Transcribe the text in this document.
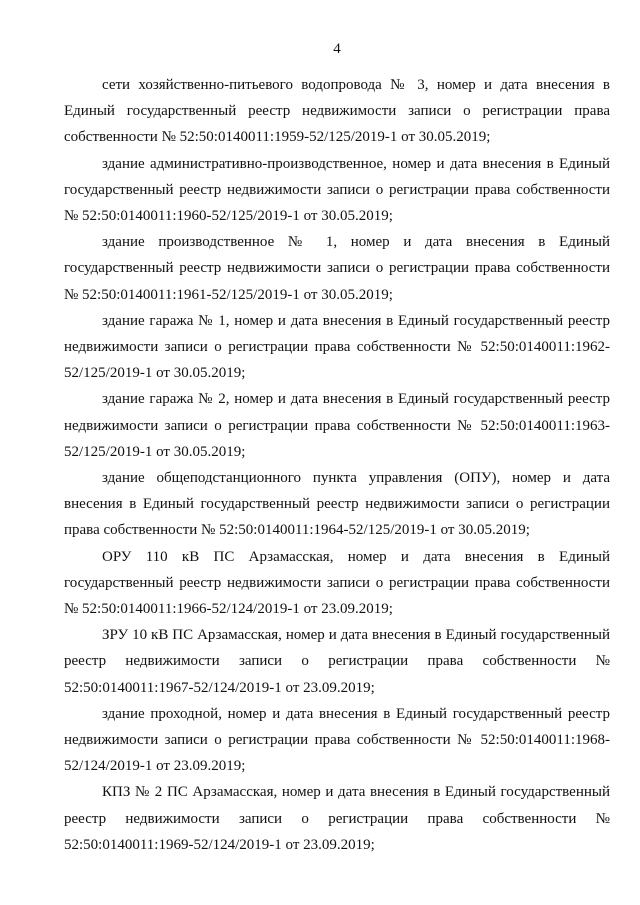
4

сети хозяйственно-питьевого водопровода № 3, номер и дата внесения в Единый государственный реестр недвижимости записи о регистрации права собственности № 52:50:0140011:1959-52/125/2019-1 от 30.05.2019;

здание административно-производственное, номер и дата внесения в Единый государственный реестр недвижимости записи о регистрации права собственности № 52:50:0140011:1960-52/125/2019-1 от 30.05.2019;

здание производственное № 1, номер и дата внесения в Единый государственный реестр недвижимости записи о регистрации права собственности № 52:50:0140011:1961-52/125/2019-1 от 30.05.2019;

здание гаража № 1, номер и дата внесения в Единый государственный реестр недвижимости записи о регистрации права собственности № 52:50:0140011:1962-52/125/2019-1 от 30.05.2019;

здание гаража № 2, номер и дата внесения в Единый государственный реестр недвижимости записи о регистрации права собственности № 52:50:0140011:1963-52/125/2019-1 от 30.05.2019;

здание общеподстанционного пункта управления (ОПУ), номер и дата внесения в Единый государственный реестр недвижимости записи о регистрации права собственности № 52:50:0140011:1964-52/125/2019-1 от 30.05.2019;

ОРУ 110 кВ ПС Арзамасская, номер и дата внесения в Единый государственный реестр недвижимости записи о регистрации права собственности № 52:50:0140011:1966-52/124/2019-1 от 23.09.2019;

ЗРУ 10 кВ ПС Арзамасская, номер и дата внесения в Единый государственный реестр недвижимости записи о регистрации права собственности № 52:50:0140011:1967-52/124/2019-1 от 23.09.2019;

здание проходной, номер и дата внесения в Единый государственный реестр недвижимости записи о регистрации права собственности № 52:50:0140011:1968-52/124/2019-1 от 23.09.2019;

КПЗ № 2 ПС Арзамасская, номер и дата внесения в Единый государственный реестр недвижимости записи о регистрации права собственности № 52:50:0140011:1969-52/124/2019-1 от 23.09.2019;
